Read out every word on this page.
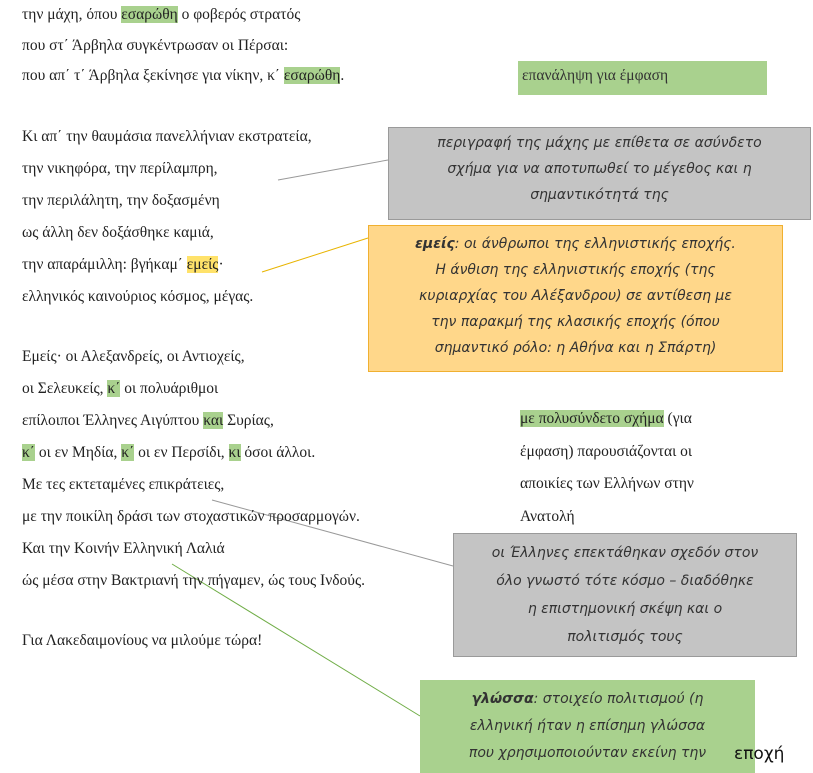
την μάχη, όπου εσαρώθη ο φοβερός στρατός
που στ΄ Άρβηλα συγκέντρωσαν οι Πέρσαι:
που απ΄ τ΄ Άρβηλα ξεκίνησε για νίκην, κ΄ εσαρώθη.
Κι απ΄ την θαυμάσια πανελλήνιαν εκστρατεία,
την νικηφόρα, την περίλαμπρη,
την περιλάλητη, την δοξασμένη
ως άλλη δεν δοξάσθηκε καμιά,
την απαράμιλλη: βγήκαμ΄ εμείς·
ελληνικός καινούριος κόσμος, μέγας.
Εμείς· οι Αλεξανδρείς, οι Αντιοχείς,
οι Σελευκείς, κ΄ οι πολυάριθμοι
επίλοιποι Έλληνες Αιγύπτου και Συρίας,
κ΄ οι εν Μηδία, κ΄ οι εν Περσίδι, κι όσοι άλλοι.
Με τες εκτεταμένες επικράτειες,
με την ποικίλη δράσι των στοχαστικών προσαρμογών.
Και την Κοινήν Ελληνική Λαλιά
ώς μέσα στην Βακτριανή την πήγαμεν, ώς τους Ινδούς.
Για Λακεδαιμονίους να μιλούμε τώρα!
επανάληψη για έμφαση
περιγραφή της μάχης με επίθετα σε ασύνδετο
σχήμα για να αποτυπωθεί το μέγεθος και η
σημαντικότητά της
εμείς: οι άνθρωποι της ελληνιστικής εποχής.
Η άνθιση της ελληνιστικής εποχής (της
κυριαρχίας του Αλέξανδρου) σε αντίθεση με
την παρακμή της κλασικής εποχής (όπου
σημαντικό ρόλο: η Αθήνα και η Σπάρτη)
με πολυσύνδετο σχήμα (για
έμφαση) παρουσιάζονται οι
αποικίες των Ελλήνων στην
Ανατολή
οι Έλληνες επεκτάθηκαν σχεδόν στον
όλο γνωστό τότε κόσμο – διαδόθηκε
η επιστημονική σκέψη και ο
πολιτισμός τους
γλώσσα: στοιχείο πολιτισμού (η
ελληνική ήταν η επίσημη γλώσσα
που χρησιμοποιούνταν εκείνη την	εποχή
